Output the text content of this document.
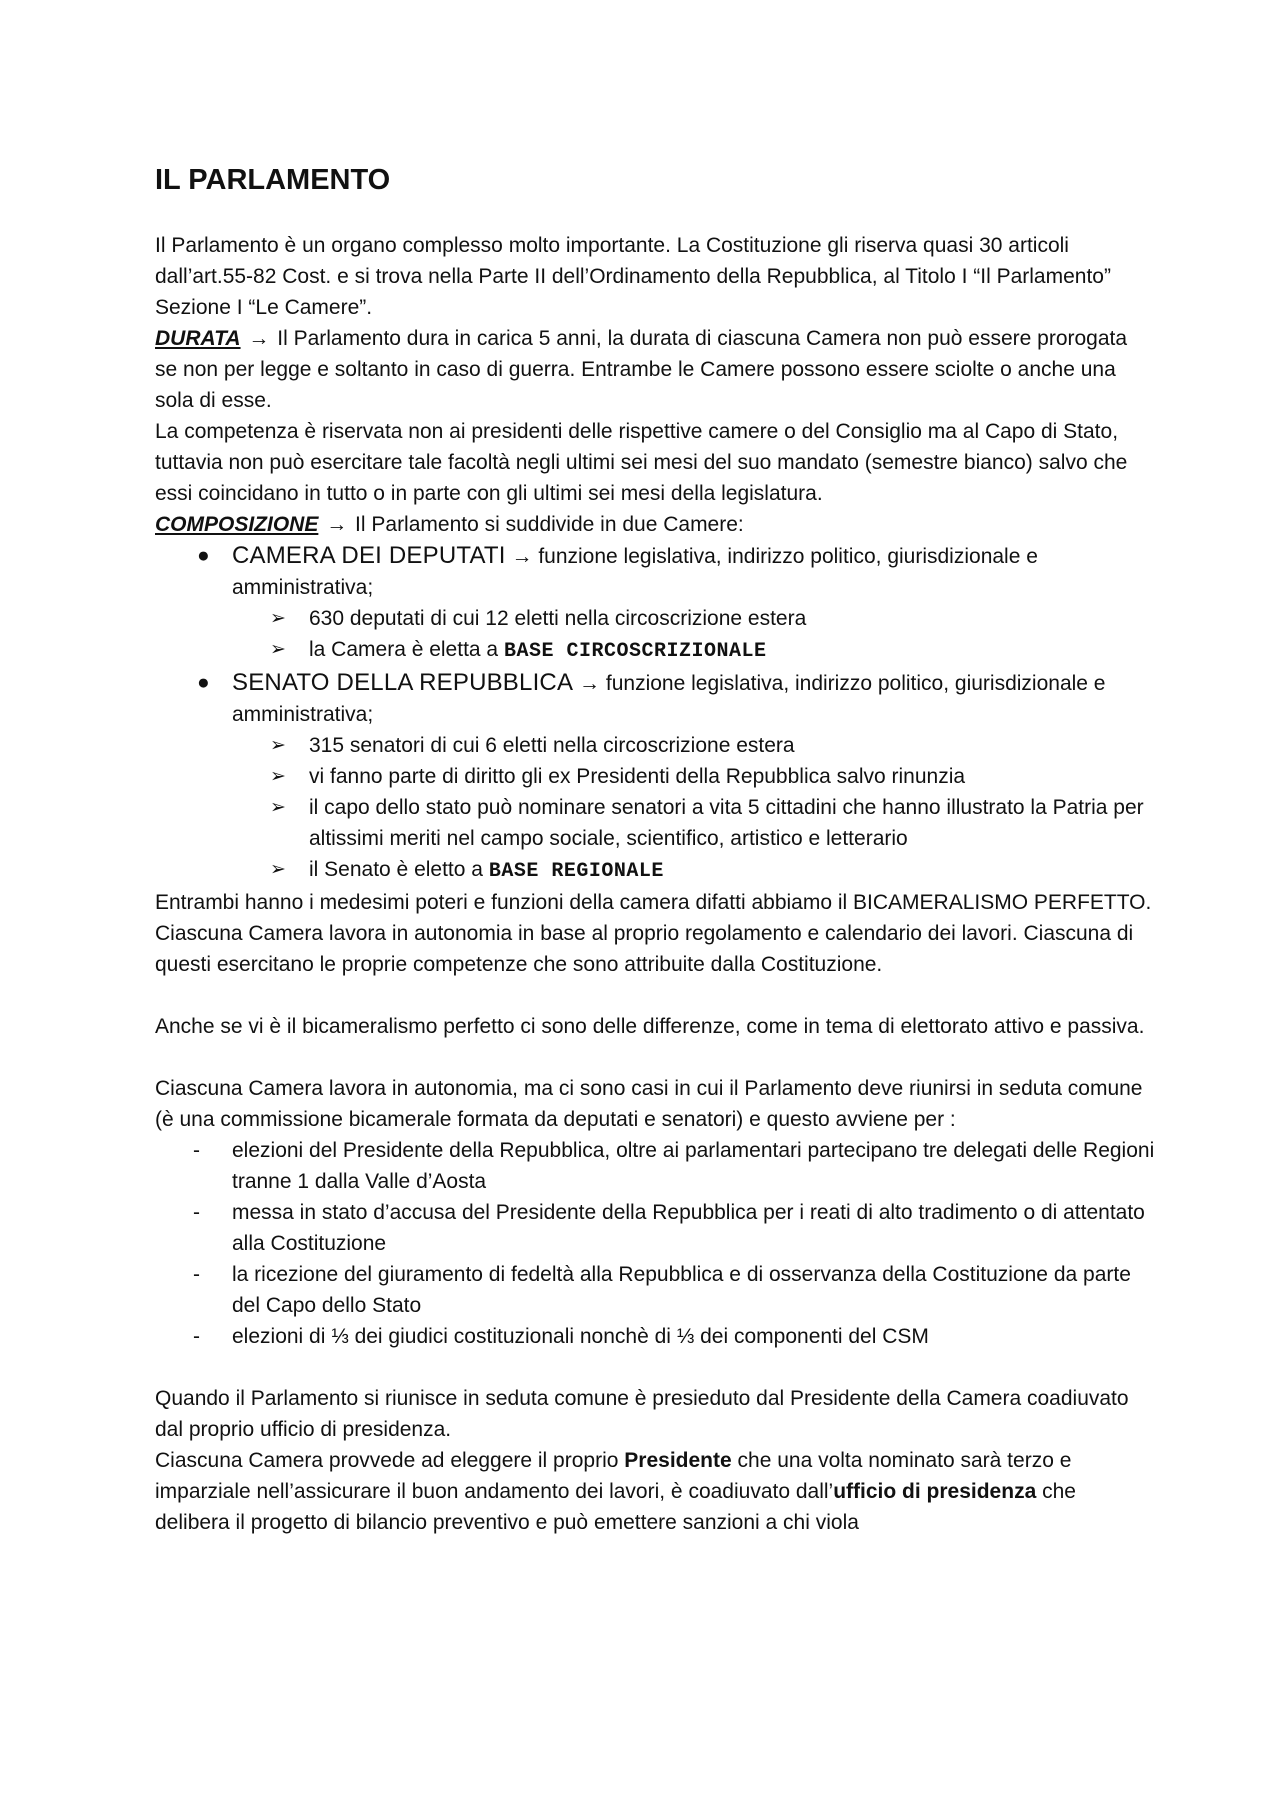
IL PARLAMENTO

Il Parlamento è un organo complesso molto importante. La Costituzione gli riserva quasi 30 articoli dall’art.55-82 Cost. e si trova nella Parte II dell’Ordinamento della Repubblica, al Titolo I “Il Parlamento” Sezione I “Le Camere”.

DURATA → Il Parlamento dura in carica 5 anni, la durata di ciascuna Camera non può essere prorogata se non per legge e soltanto in caso di guerra. Entrambe le Camere possono essere sciolte o anche una sola di esse.

La competenza è riservata non ai presidenti delle rispettive camere o del Consiglio ma al Capo di Stato, tuttavia non può esercitare tale facoltà negli ultimi sei mesi del suo mandato (semestre bianco) salvo che essi coincidano in tutto o in parte con gli ultimi sei mesi della legislatura.

COMPOSIZIONE → Il Parlamento si suddivide in due Camere:

● CAMERA DEI DEPUTATI → funzione legislativa, indirizzo politico, giurisdizionale e amministrativa;
➢ 630 deputati di cui 12 eletti nella circoscrizione estera
➢ la Camera è eletta a BASE CIRCOSCRIZIONALE
● SENATO DELLA REPUBBLICA → funzione legislativa, indirizzo politico, giurisdizionale e amministrativa;
➢ 315 senatori di cui 6 eletti nella circoscrizione estera
➢ vi fanno parte di diritto gli ex Presidenti della Repubblica salvo rinunzia
➢ il capo dello stato può nominare senatori a vita 5 cittadini che hanno illustrato la Patria per altissimi meriti nel campo sociale, scientifico, artistico e letterario
➢ il Senato è eletto a BASE REGIONALE

Entrambi hanno i medesimi poteri e funzioni della camera difatti abbiamo il BICAMERALISMO PERFETTO. Ciascuna Camera lavora in autonomia in base al proprio regolamento e calendario dei lavori. Ciascuna di questi esercitano le proprie competenze che sono attribuite dalla Costituzione.

Anche se vi è il bicameralismo perfetto ci sono delle differenze, come in tema di elettorato attivo e passiva.

Ciascuna Camera lavora in autonomia, ma ci sono casi in cui il Parlamento deve riunirsi in seduta comune (è una commissione bicamerale formata da deputati e senatori) e questo avviene per :

- elezioni del Presidente della Repubblica, oltre ai parlamentari partecipano tre delegati delle Regioni tranne 1 dalla Valle d’Aosta
- messa in stato d’accusa del Presidente della Repubblica per i reati di alto tradimento o di attentato alla Costituzione
- la ricezione del giuramento di fedeltà alla Repubblica e di osservanza della Costituzione da parte del Capo dello Stato
- elezioni di ⅓ dei giudici costituzionali nonchè di ⅓ dei componenti del CSM

Quando il Parlamento si riunisce in seduta comune è presieduto dal Presidente della Camera coadiuvato dal proprio ufficio di presidenza.

Ciascuna Camera provvede ad eleggere il proprio Presidente che una volta nominato sarà terzo e imparziale nell’assicurare il buon andamento dei lavori, è coadiuvato dall’ufficio di presidenza che delibera il progetto di bilancio preventivo e può emettere sanzioni a chi viola
